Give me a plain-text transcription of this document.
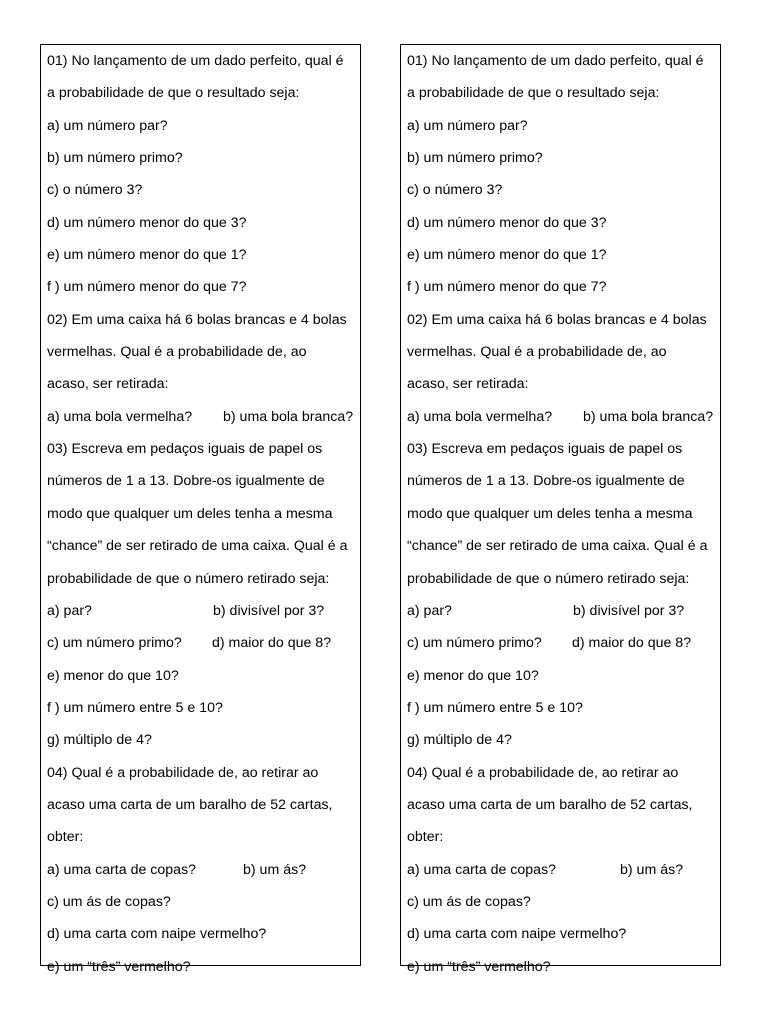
01) No lançamento de um dado perfeito, qual é
a probabilidade de que o resultado seja:
a) um número par?
b) um número primo?
c) o número 3?
d) um número menor do que 3?
e) um número menor do que 1?
f ) um número menor do que 7?
02) Em uma caixa há 6 bolas brancas e 4 bolas
vermelhas. Qual é a probabilidade de, ao
acaso, ser retirada:
a) uma bola vermelha? b) uma bola branca?
03) Escreva em pedaços iguais de papel os
números de 1 a 13. Dobre-os igualmente de
modo que qualquer um deles tenha a mesma
“chance” de ser retirado de uma caixa. Qual é a
probabilidade de que o número retirado seja:
a) par?	b) divisível por 3?
c) um número primo? d) maior do que 8?
e) menor do que 10?
f ) um número entre 5 e 10?
g) múltiplo de 4?
04) Qual é a probabilidade de, ao retirar ao
acaso uma carta de um baralho de 52 cartas,
obter:
a) uma carta de copas?	b) um ás?
c) um ás de copas?
d) uma carta com naipe vermelho?
e) um “três” vermelho?
01) No lançamento de um dado perfeito, qual é
a probabilidade de que o resultado seja:
a) um número par?
b) um número primo?
c) o número 3?
d) um número menor do que 3?
e) um número menor do que 1?
f ) um número menor do que 7?
02) Em uma caixa há 6 bolas brancas e 4 bolas
vermelhas. Qual é a probabilidade de, ao
acaso, ser retirada:
a) uma bola vermelha? b) uma bola branca?
03) Escreva em pedaços iguais de papel os
números de 1 a 13. Dobre-os igualmente de
modo que qualquer um deles tenha a mesma
“chance” de ser retirado de uma caixa. Qual é a
probabilidade de que o número retirado seja:
a) par?	b) divisível por 3?
c) um número primo? d) maior do que 8?
e) menor do que 10?
f ) um número entre 5 e 10?
g) múltiplo de 4?
04) Qual é a probabilidade de, ao retirar ao
acaso uma carta de um baralho de 52 cartas,
obter:
a) uma carta de copas?	b) um ás?
c) um ás de copas?
d) uma carta com naipe vermelho?
e) um “três” vermelho?
